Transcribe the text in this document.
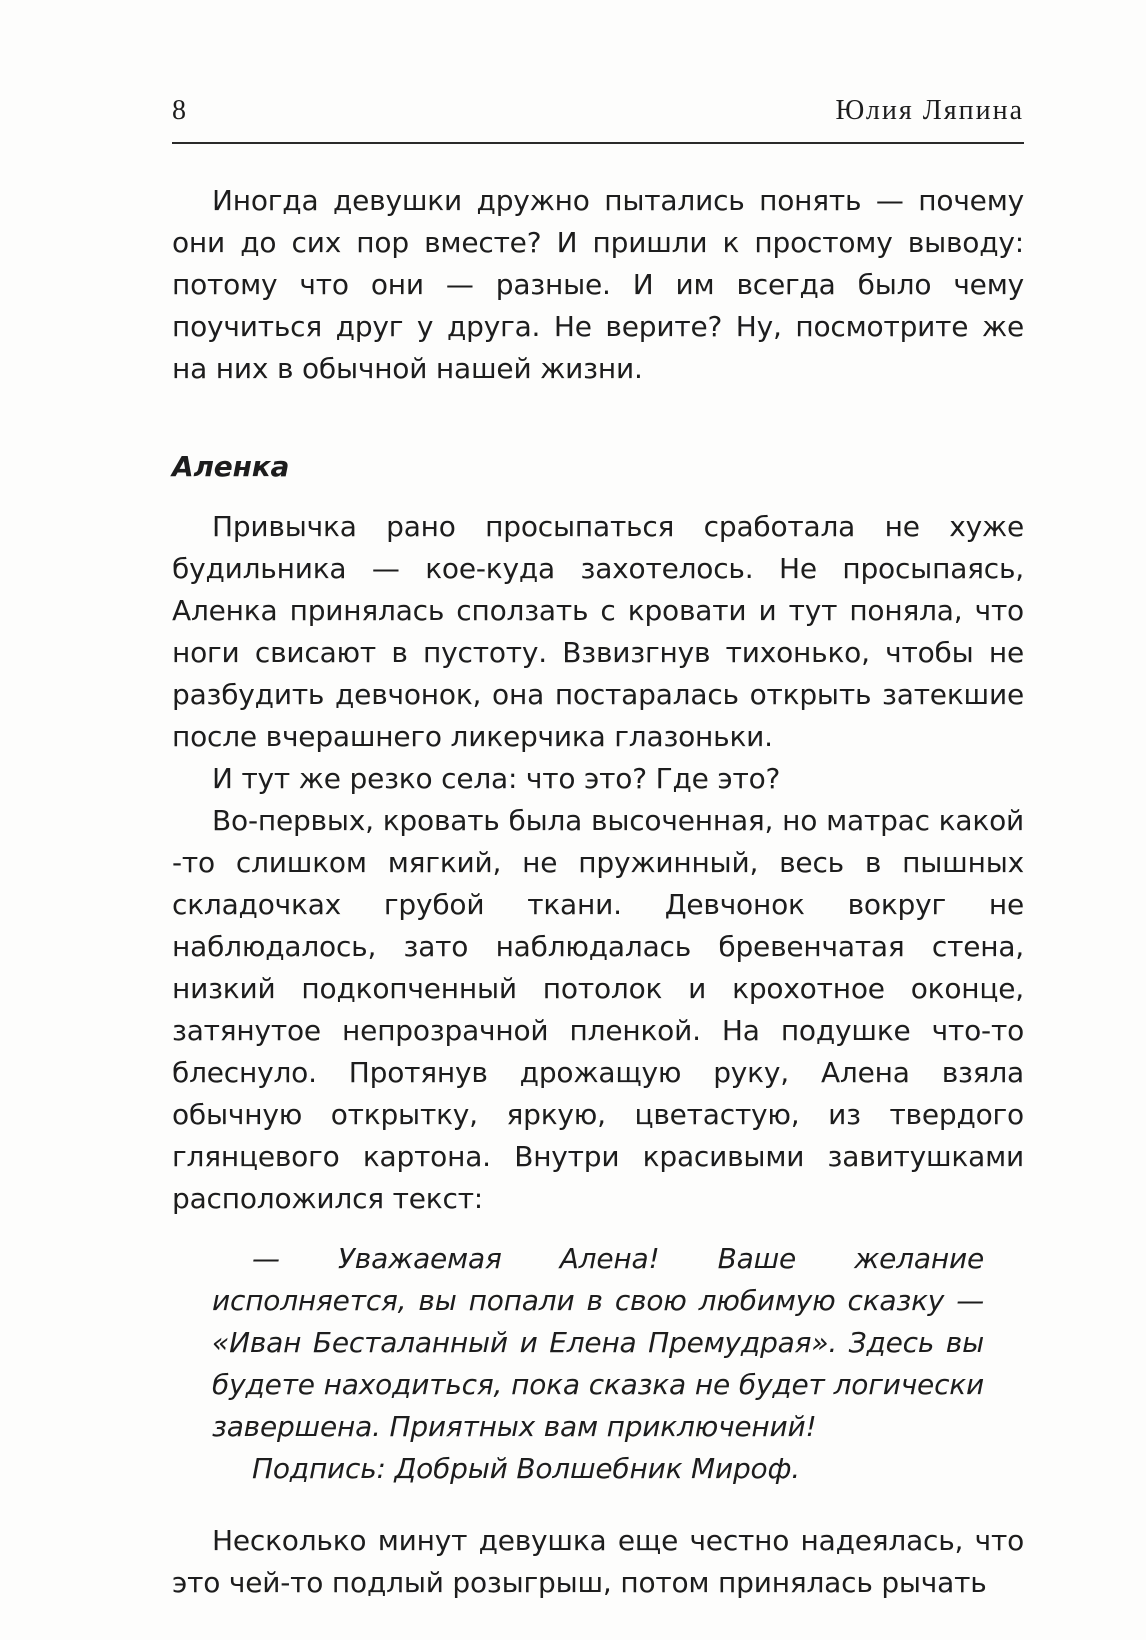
8	Юлия Ляпина

Иногда девушки дружно пытались понять — почему они до сих пор вместе? И пришли к простому выводу: потому что они — разные. И им всегда было чему поучиться друг у друга. Не верите? Ну, посмотрите же на них в обычной нашей жизни.

Аленка

Привычка рано просыпаться сработала не хуже будильника — кое-куда захотелось. Не просыпаясь, Аленка принялась сползать с кровати и тут поняла, что ноги свисают в пустоту. Взвизгнув тихонько, чтобы не разбудить девчонок, она постаралась открыть затекшие после вчерашнего ликерчика глазоньки.

И тут же резко села: что это? Где это?

Во-первых, кровать была высоченная, но матрас какой -то слишком мягкий, не пружинный, весь в пышных складочках грубой ткани. Девчонок вокруг не наблюдалось, зато наблюдалась бревенчатая стена, низкий подкопченный потолок и крохотное оконце, затянутое непрозрачной пленкой. На подушке что-то блеснуло. Протянув дрожащую руку, Алена взяла обычную открытку, яркую, цветастую, из твердого глянцевого картона. Внутри красивыми завитушками расположился текст:

— Уважаемая Алена! Ваше желание исполняется, вы попали в свою любимую сказку — «Иван Бесталанный и Елена Премудрая». Здесь вы будете находиться, пока сказка не будет логически завершена. Приятных вам приключений!

Подпись: Добрый Волшебник Мироф.

Несколько минут девушка еще честно надеялась, что это чей-то подлый розыгрыш, потом принялась рычать
